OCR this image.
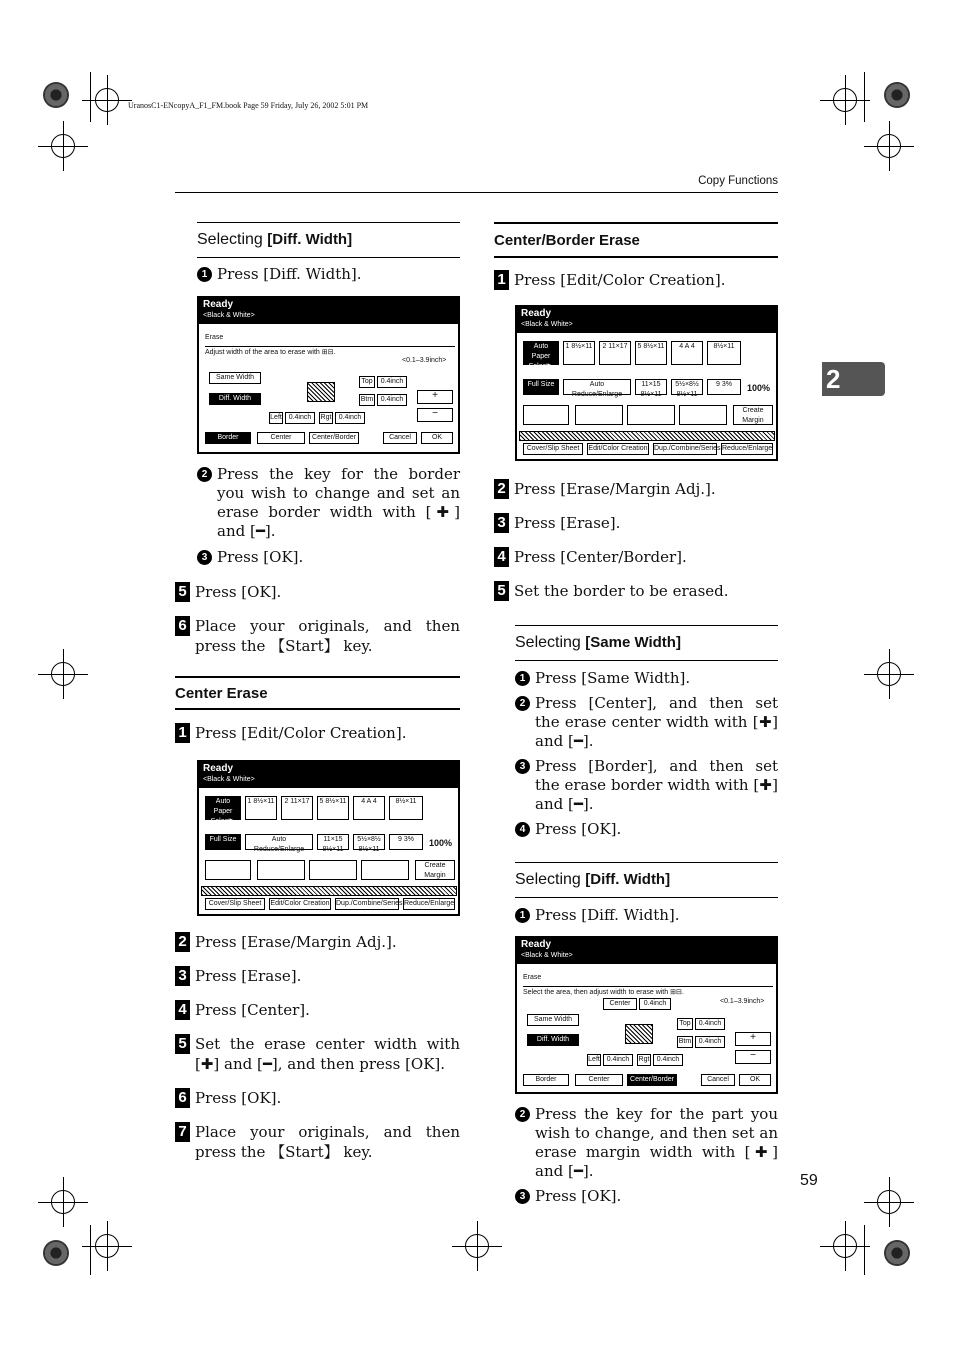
UranosC1-ENcopyA_F1_FM.book Page 59 Friday, July 26, 2002 5:01 PM
Copy Functions
2
59
Selecting [Diff. Width]
1 Press [Diff. Width].
Ready
<Black & White>
Erase
Adjust width of the area to erase with ⊞⊟.
<0.1–3.9inch>
Same Width
Diff. Width
Top	0.4inch
Btm	0.4inch
Left 0.4inch	Rgt	0.4inch
+
−
Border	Center	Center/Border	Cancel	OK
2 Press the key for the border you wish to change and set an erase border width with [✚] and [━].
3 Press [OK].
5 Press [OK].
6 Place your originals, and then press the 【Start】 key.
Center Erase
1 Press [Edit/Color Creation].
Ready
<Black & White>
Auto Paper Select▶
1 8½×11	2 11×17	5 8½×11	4 A 4	8½×11
Full Size	Auto Reduce/Enlarge
11×15 8½×11
5½×8½ 8½×11
9 3%	100%
Create Margin
Cover/Slip Sheet	Edit/Color Creation Dup./Combine/Series Reduce/Enlarge
2 Press [Erase/Margin Adj.].
3 Press [Erase].
4 Press [Center].
5 Set the erase center width with [✚] and [━], and then press [OK].
6 Press [OK].
7 Place your originals, and then press the 【Start】 key.
Center/Border Erase
1 Press [Edit/Color Creation].
Ready
<Black & White>
Auto Paper Select▶
1 8½×11	2 11×17	5 8½×11	4 A 4	8½×11
Full Size	Auto Reduce/Enlarge
11×15 8½×11
5½×8½ 8½×11
9 3%	100%
Create Margin
Cover/Slip Sheet	Edit/Color Creation Dup./Combine/Series Reduce/Enlarge
2 Press [Erase/Margin Adj.].
3 Press [Erase].
4 Press [Center/Border].
5 Set the border to be erased.
Selecting [Same Width]
1 Press [Same Width].
2 Press [Center], and then set the erase center width with [✚] and [━].
3 Press [Border], and then set the erase border width with [✚] and [━].
4 Press [OK].
Selecting [Diff. Width]
1 Press [Diff. Width].
Ready
<Black & White>
Erase
Select the area, then adjust width to erase with ⊞⊟.
Center	0.4inch	<0.1–3.9inch>
Same Width
Diff. Width
Top	0.4inch
Btm	0.4inch
Left 0.4inch	Rgt	0.4inch
+
−
Border	Center	Center/Border	Cancel	OK
2 Press the key for the part you wish to change, and then set an erase margin width with [✚] and [━].
3 Press [OK].
